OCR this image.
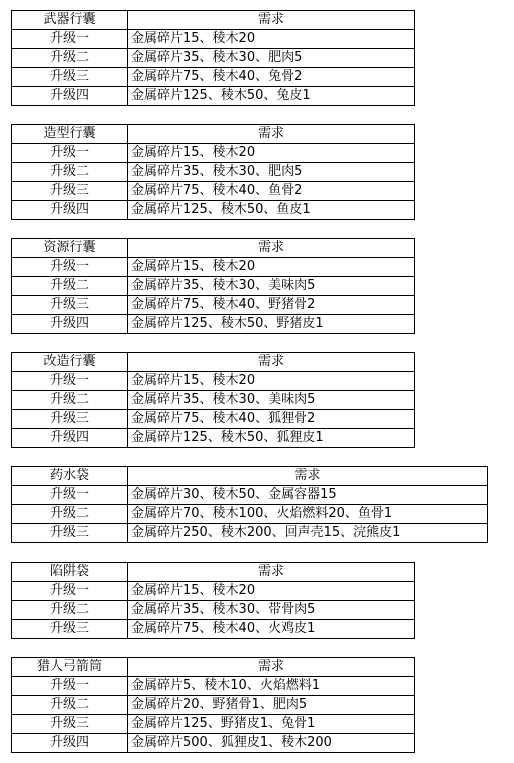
武器行囊	需求
升级一	金属碎片15、稜木20
升级二	金属碎片35、稜木30、肥肉5
升级三	金属碎片75、稜木40、兔骨2
升级四	金属碎片125、稜木50、兔皮1
造型行囊	需求
升级一	金属碎片15、稜木20
升级二	金属碎片35、稜木30、肥肉5
升级三	金属碎片75、稜木40、鱼骨2
升级四	金属碎片125、稜木50、鱼皮1
资源行囊	需求
升级一	金属碎片15、稜木20
升级二	金属碎片35、稜木30、美味肉5
升级三	金属碎片75、稜木40、野猪骨2
升级四	金属碎片125、稜木50、野猪皮1
改造行囊	需求
升级一	金属碎片15、稜木20
升级二	金属碎片35、稜木30、美味肉5
升级三	金属碎片75、稜木40、狐狸骨2
升级四	金属碎片125、稜木50、狐狸皮1
药水袋	需求
升级一	金属碎片30、稜木50、金属容器15
升级二	金属碎片70、稜木100、火焰燃料20、鱼骨1
升级三	金属碎片250、稜木200、回声壳15、浣熊皮1
陷阱袋	需求
升级一	金属碎片15、稜木20
升级二	金属碎片35、稜木30、带骨肉5
升级三	金属碎片75、稜木40、火鸡皮1
猎人弓箭筒	需求
升级一	金属碎片5、稜木10、火焰燃料1
升级二	金属碎片20、野猪骨1、肥肉5
升级三	金属碎片125、野猪皮1、兔骨1
升级四	金属碎片500、狐狸皮1、稜木200
